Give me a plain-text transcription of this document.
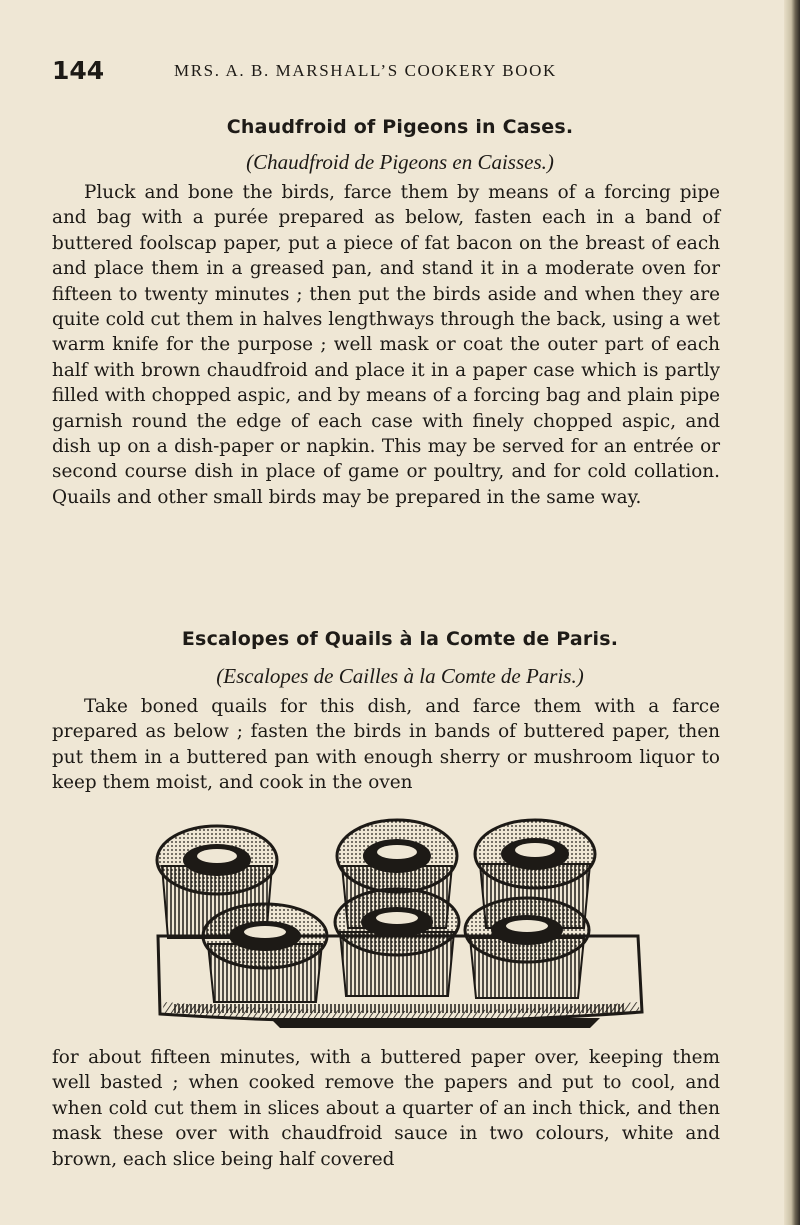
144	MRS. A. B. MARSHALL’S COOKERY BOOK
Chaudfroid of Pigeons in Cases.

(Chaudfroid de Pigeons en Caisses.)

Pluck and bone the birds, farce them by means of a forcing pipe and bag with a purée prepared as below, fasten each in a band of buttered foolscap paper, put a piece of fat bacon on the breast of each and place them in a greased pan, and stand it in a moderate oven for fifteen to twenty minutes ; then put the birds aside and when they are quite cold cut them in halves lengthways through the back, using a wet warm knife for the purpose ; well mask or coat the outer part of each half with brown chaudfroid and place it in a paper case which is partly filled with chopped aspic, and by means of a forcing bag and plain pipe garnish round the edge of each case with finely chopped aspic, and dish up on a dish-paper or napkin. This may be served for an entrée or second course dish in place of game or poultry, and for cold collation. Quails and other small birds may be prepared in the same way.

Escalopes of Quails à la Comte de Paris.

(Escalopes de Cailles à la Comte de Paris.)

Take boned quails for this dish, and farce them with a farce prepared as below ; fasten the birds in bands of buttered paper, then put them in a buttered pan with enough sherry or mushroom liquor to keep them moist, and cook in the oven

for about fifteen minutes, with a buttered paper over, keeping them well basted ; when cooked remove the papers and put to cool, and when cold cut them in slices about a quarter of an inch thick, and then mask these over with chaudfroid sauce in two colours, white and brown, each slice being half covered
